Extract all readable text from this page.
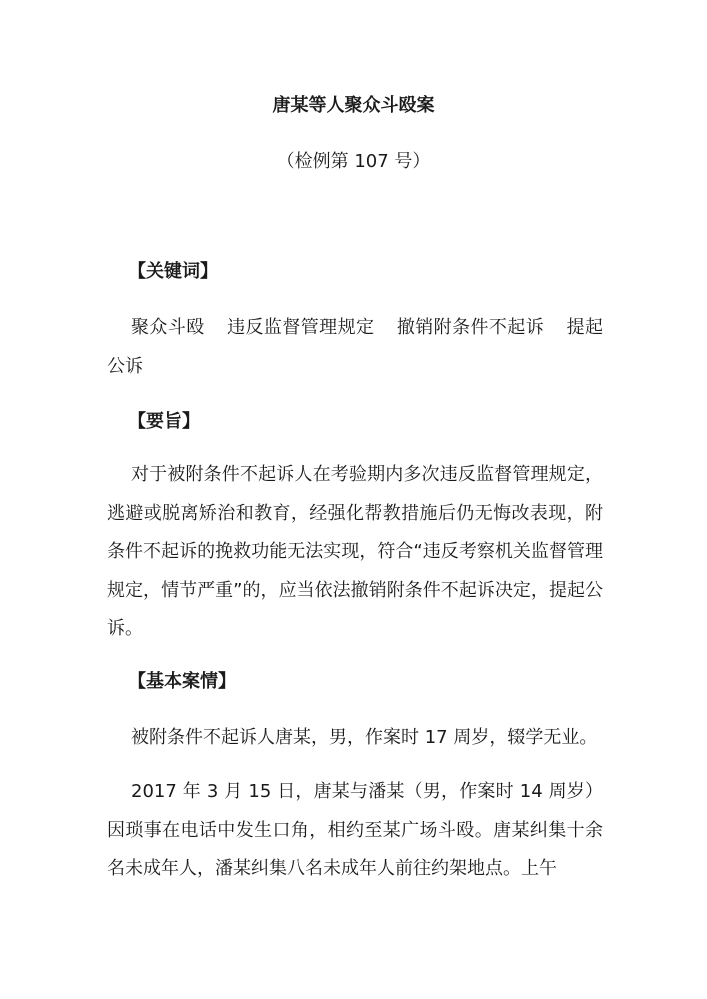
唐某等人聚众斗殴案
（检例第 107 号）
【关键词】

聚众斗殴 违反监督管理规定 撤销附条件不起诉 提起公诉

【要旨】

对于被附条件不起诉人在考验期内多次违反监督管理规定，逃避或脱离矫治和教育，经强化帮教措施后仍无悔改表现，附条件不起诉的挽救功能无法实现，符合“违反考察机关监督管理规定，情节严重”的，应当依法撤销附条件不起诉决定，提起公诉。

【基本案情】

被附条件不起诉人唐某，男，作案时 17 周岁，辍学无业。

2017 年 3 月 15 日，唐某与潘某（男，作案时 14 周岁）因琐事在电话中发生口角，相约至某广场斗殴。唐某纠集十余名未成年人，潘某纠集八名未成年人前往约架地点。上午
